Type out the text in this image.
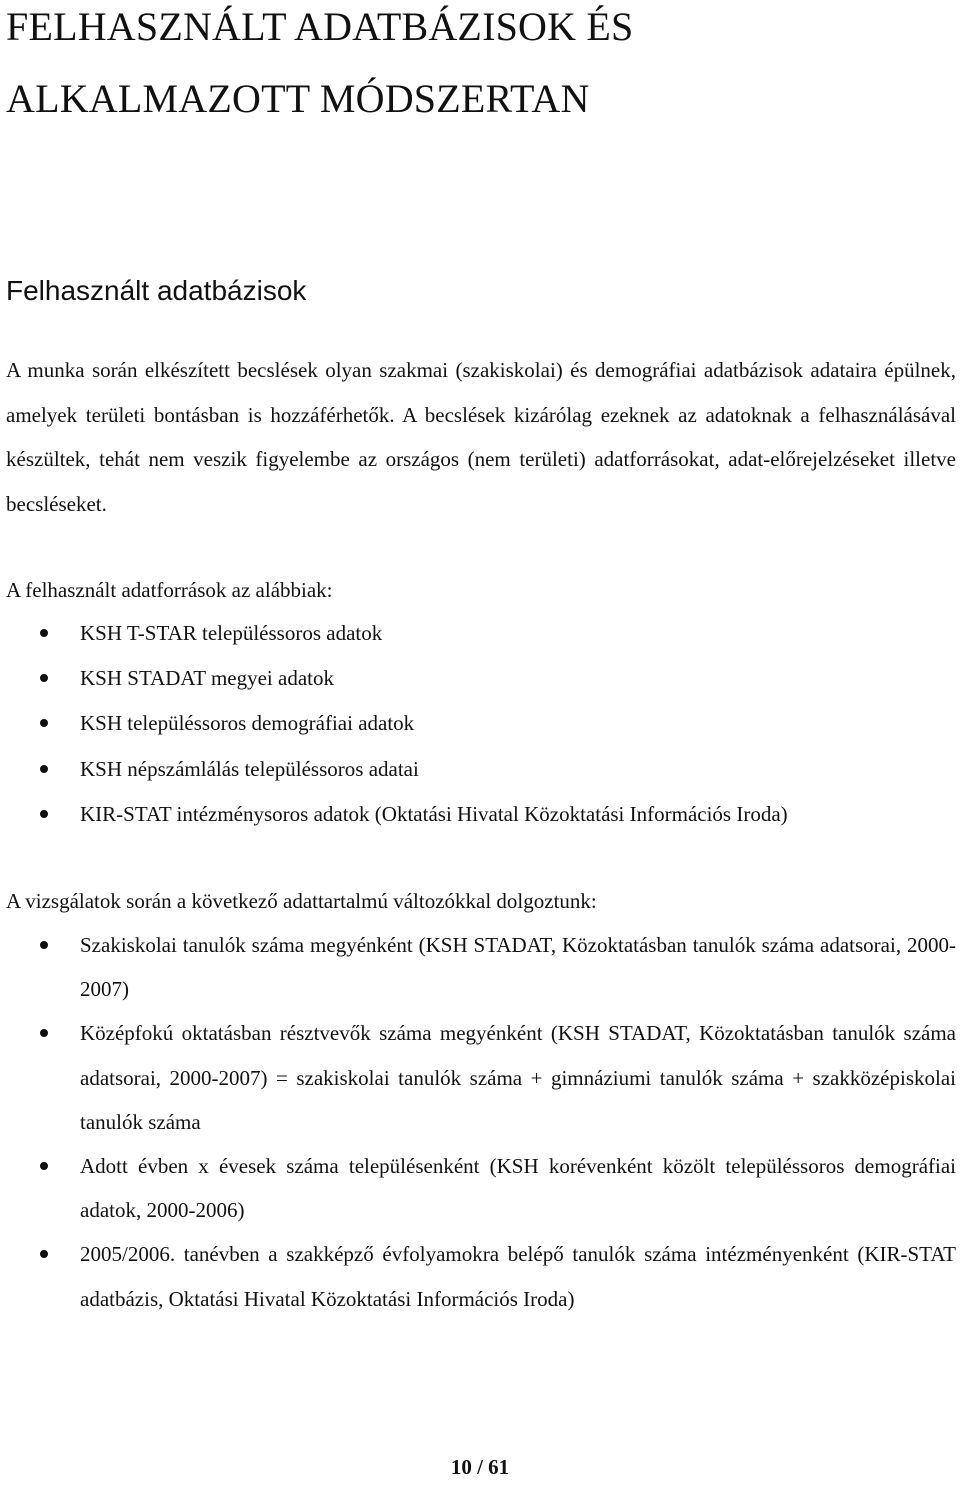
FELHASZNÁLT ADATBÁZISOK ÉS

ALKALMAZOTT MÓDSZERTAN

Felhasznált adatbázisok

A munka során elkészített becslések olyan szakmai (szakiskolai) és demográfiai adatbázisok adataira épülnek, amelyek területi bontásban is hozzáférhetők. A becslések kizárólag ezeknek az adatoknak a felhasználásával készültek, tehát nem veszik figyelembe az országos (nem területi) adatforrásokat, adat-előrejelzéseket illetve becsléseket.

A felhasznált adatforrások az alábbiak:

KSH T-STAR településsoros adatok
KSH STADAT megyei adatok
KSH településsoros demográfiai adatok
KSH népszámlálás településsoros adatai
KIR-STAT intézménysoros adatok (Oktatási Hivatal Közoktatási Információs Iroda)

A vizsgálatok során a következő adattartalmú változókkal dolgoztunk:

Szakiskolai tanulók száma megyénként (KSH STADAT, Közoktatásban tanulók száma adatsorai, 2000-2007)
Középfokú oktatásban résztvevők száma megyénként (KSH STADAT, Közoktatásban tanulók száma adatsorai, 2000-2007) = szakiskolai tanulók száma + gimnáziumi tanulók száma + szakközépiskolai tanulók száma
Adott évben x évesek száma településenként (KSH korévenként közölt településsoros demográfiai adatok, 2000-2006)
2005/2006. tanévben a szakképző évfolyamokra belépő tanulók száma intézményenként (KIR-STAT adatbázis, Oktatási Hivatal Közoktatási Információs Iroda)

10 / 61
